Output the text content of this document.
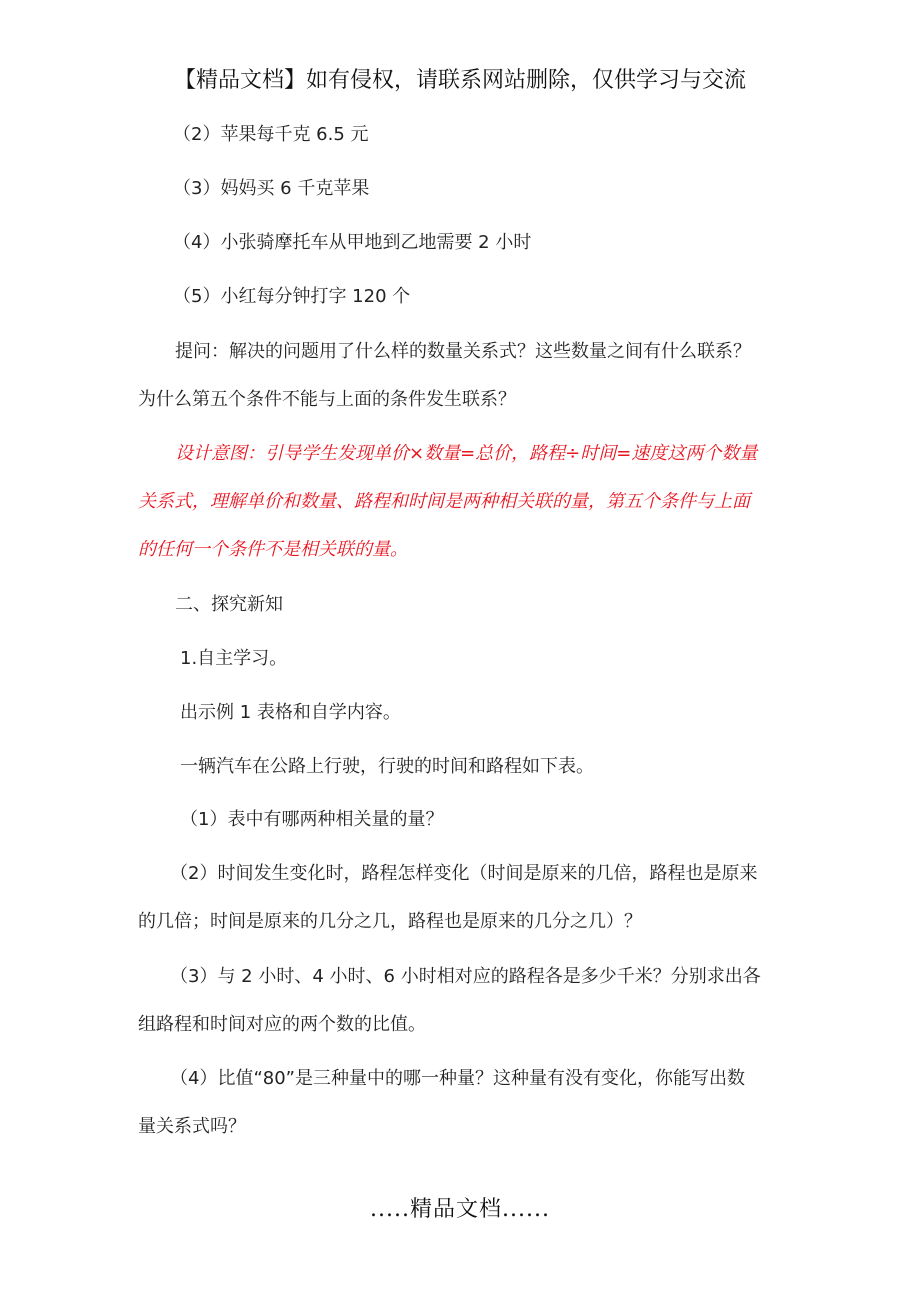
【精品文档】如有侵权，请联系网站删除，仅供学习与交流
（2）苹果每千克 6.5 元
（3）妈妈买 6 千克苹果
（4）小张骑摩托车从甲地到乙地需要 2 小时
（5）小红每分钟打字 120 个
提问：解决的问题用了什么样的数量关系式？这些数量之间有什么联系？
为什么第五个条件不能与上面的条件发生联系？
设计意图：引导学生发现单价×数量=总价，路程÷时间=速度这两个数量
关系式，理解单价和数量、路程和时间是两种相关联的量，第五个条件与上面
的任何一个条件不是相关联的量。
二、探究新知
1.自主学习。
出示例 1 表格和自学内容。
一辆汽车在公路上行驶，行驶的时间和路程如下表。
（1）表中有哪两种相关量的量？
（2）时间发生变化时，路程怎样变化（时间是原来的几倍，路程也是原来
的几倍；时间是原来的几分之几，路程也是原来的几分之几）？
（3）与 2 小时、4 小时、6 小时相对应的路程各是多少千米？分别求出各
组路程和时间对应的两个数的比值。
（4）比值“80”是三种量中的哪一种量？这种量有没有变化，你能写出数
量关系式吗？
.....精品文档......
